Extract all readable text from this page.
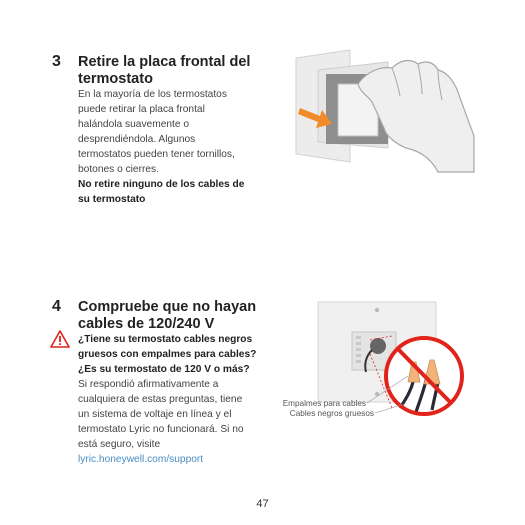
3 Retire la placa frontal del
termostato
En la mayoría de los termostatos
puede retirar la placa frontal
halándola suavemente o
desprendiéndola. Algunos
termostatos pueden tener tornillos,
botones o cierres.
No retire ninguno de los cables de
su termostato
4 Compruebe que no hayan
cables de 120/240 V
¿Tiene su termostato cables negros
gruesos con empalmes para cables?
¿Es su termostato de 120 V o más?
Si respondió afirmativamente a
cualquiera de estas preguntas, tiene
un sistema de voltaje en línea y el
termostato Lyric no funcionará. Si no
está seguro, visite
lyric.honeywell.com/support
Empalmes para cables
Cables negros gruesos
47
